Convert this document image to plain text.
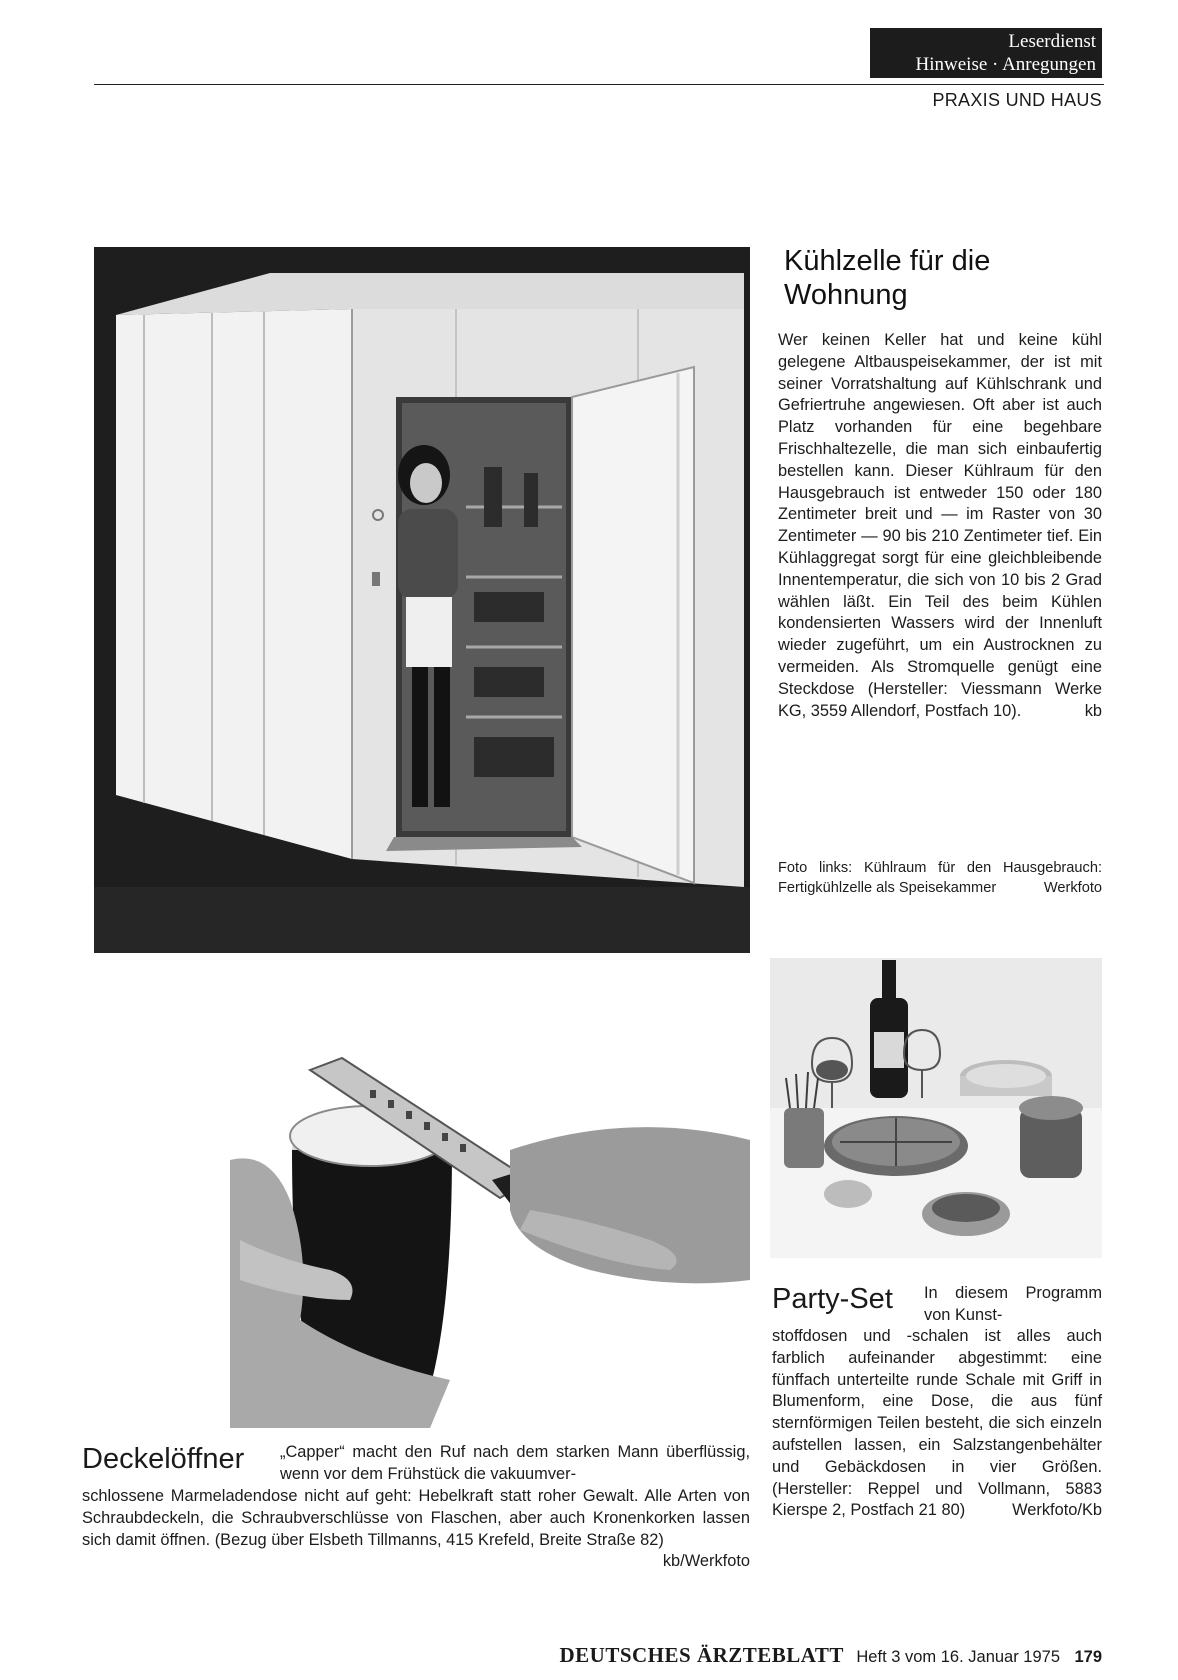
Leserdienst
Hinweise · Anregungen
PRAXIS UND HAUS
Kühlzelle für die Wohnung
Wer keinen Keller hat und keine kühl gelegene Altbauspeisekammer, der ist mit seiner Vorratshaltung auf Kühlschrank und Gefriertruhe angewiesen. Oft aber ist auch Platz vorhanden für eine begehbare Frischhaltezelle, die man sich einbaufertig bestellen kann. Dieser Kühlraum für den Hausgebrauch ist entweder 150 oder 180 Zentimeter breit und — im Raster von 30 Zentimeter — 90 bis 210 Zentimeter tief. Ein Kühlaggregat sorgt für eine gleichbleibende Innentemperatur, die sich von 10 bis 2 Grad wählen läßt. Ein Teil des beim Kühlen kondensierten Wassers wird der Innenluft wieder zugeführt, um ein Austrocknen zu vermeiden. Als Stromquelle genügt eine Steckdose (Hersteller: Viessmann Werke KG, 3559 Allendorf, Postfach 10).	kb
Foto links: Kühlraum für den Hausgebrauch: Fertigkühlzelle als Speisekammer	Werkfoto
Party-Set In diesem Programm von Kunst-
stoffdosen und -schalen ist alles auch farblich aufeinander abgestimmt: eine fünffach unterteilte runde Schale mit Griff in Blumenform, eine Dose, die aus fünf sternförmigen Teilen besteht, die sich einzeln aufstellen lassen, ein Salzstangenbehälter und Gebäckdosen in vier Größen. (Hersteller: Reppel und Vollmann, 5883 Kierspe 2, Postfach 21 80)	Werkfoto/Kb
Deckelöffner „Capper“ macht den Ruf nach dem starken Mann überflüssig, wenn vor dem Frühstück die vakuumver-
schlossene Marmeladendose nicht auf geht: Hebelkraft statt roher Gewalt. Alle Arten von Schraubdeckeln, die Schraubverschlüsse von Flaschen, aber auch Kronenkorken lassen sich damit öffnen. (Bezug über Elsbeth Tillmanns, 415 Krefeld, Breite Straße 82)
kb/Werkfoto
DEUTSCHES ÄRZTEBLATT Heft 3 vom 16. Januar 1975 179
